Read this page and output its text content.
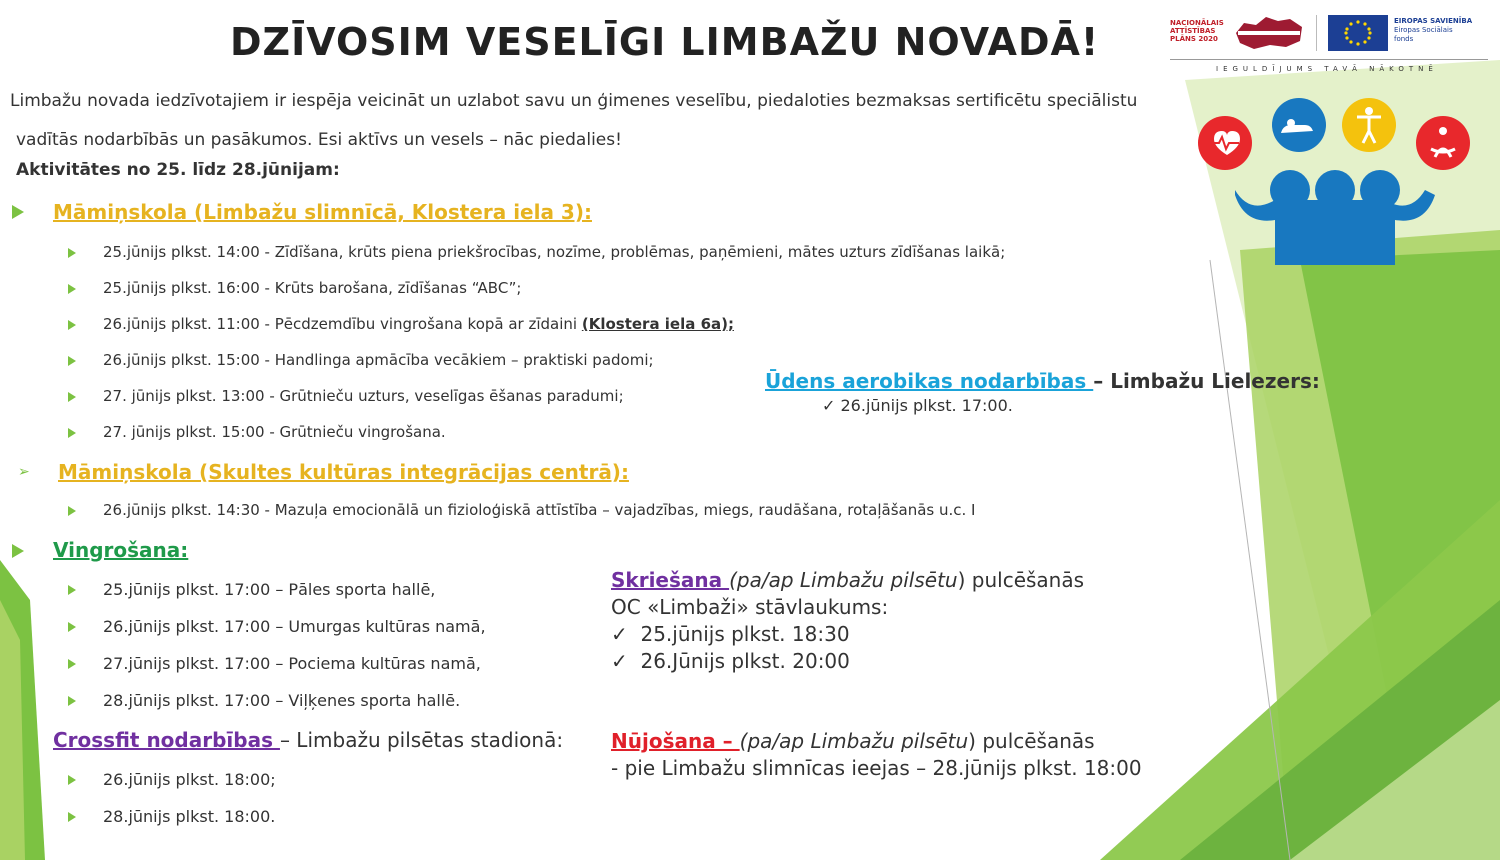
DZĪVOSIM VESELĪGI LIMBAŽU NOVADĀ!	NACIONĀLAIS
ATTĪSTĪBAS
PLĀNS 2020
EIROPAS SAVIENĪBA
Eiropas Sociālais
fonds
IEGULDĪJUMS TAVĀ NĀKOTNĒ

Limbažu novada iedzīvotajiem ir iespēja veicināt un uzlabot savu un ģimenes veselību, piedaloties bezmaksas sertificētu speciālistu

vadītās nodarbībās un pasākumos. Esi aktīvs un vesels – nāc piedalies!

Aktivitātes no 25. līdz 28.jūnijam:
Māmiņskola (Limbažu slimnīcā, Klostera iela 3):
25.jūnijs plkst. 14:00 - Zīdīšana, krūts piena priekšrocības, nozīme, problēmas, paņēmieni, mātes uzturs zīdīšanas laikā;
25.jūnijs plkst. 16:00 - Krūts barošana, zīdīšanas “ABC”;
26.jūnijs plkst. 11:00 - Pēcdzemdību vingrošana kopā ar zīdaini (Klostera iela 6a);
26.jūnijs plkst. 15:00 - Handlinga apmācība vecākiem – praktiski padomi;
27. jūnijs plkst. 13:00 - Grūtnieču uzturs, veselīgas ēšanas paradumi;
27. jūnijs plkst. 15:00 - Grūtnieču vingrošana.
➢ Māmiņskola (Skultes kultūras integrācijas centrā):
26.jūnijs plkst. 14:30 - Mazuļa emocionālā un fizioloģiskā attīstība – vajadzības, miegs, raudāšana, rotaļāšanās u.c. I
Vingrošana:
25.jūnijs plkst. 17:00 – Pāles sporta hallē,
26.jūnijs plkst. 17:00 – Umurgas kultūras namā,
27.jūnijs plkst. 17:00 – Pociema kultūras namā,
28.jūnijs plkst. 17:00 – Viļķenes sporta hallē.
Crossfit nodarbības – Limbažu pilsētas stadionā:
26.jūnijs plkst. 18:00;
28.jūnijs plkst. 18:00.
Ūdens aerobikas nodarbības – Limbažu Lielezers:
✓ 26.jūnijs plkst. 17:00.
Skriešana (pa/ap Limbažu pilsētu) pulcēšanās
OC «Limbaži» stāvlaukums:
✓  25.jūnijs plkst. 18:30
✓  26.Jūnijs plkst. 20:00
Nūjošana – (pa/ap Limbažu pilsētu) pulcēšanās
- pie Limbažu slimnīcas ieejas – 28.jūnijs plkst. 18:00
